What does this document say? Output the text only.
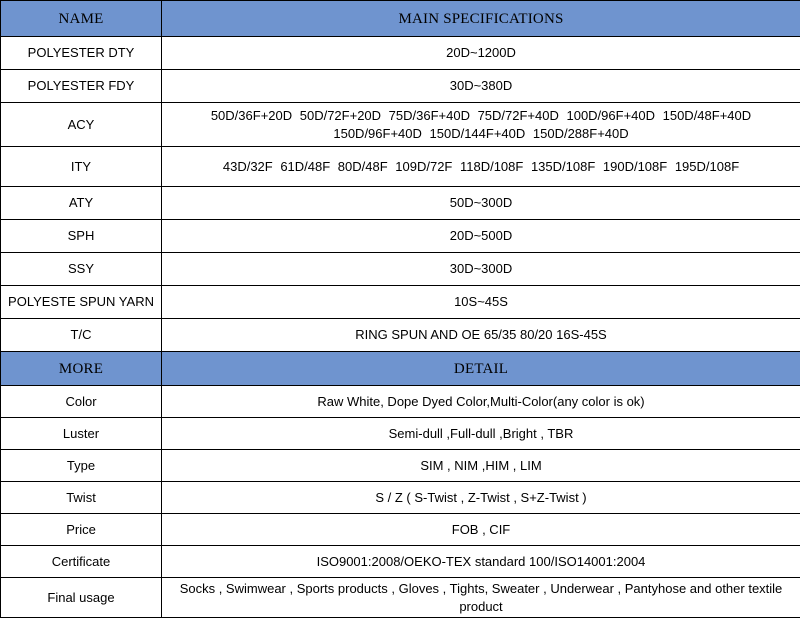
NAME	MAIN SPECIFICATIONS
POLYESTER DTY	20D~1200D
POLYESTER FDY	30D~380D
ACY	50D/36F+20D 50D/72F+20D 75D/36F+40D 75D/72F+40D 100D/96F+40D 150D/48F+40D 150D/96F+40D 150D/144F+40D 150D/288F+40D
ITY	43D/32F 61D/48F 80D/48F 109D/72F 118D/108F 135D/108F 190D/108F 195D/108F
ATY	50D~300D
SPH	20D~500D
SSY	30D~300D
POLYESTE SPUN YARN	10S~45S
T/C	RING SPUN AND OE 65/35 80/20 16S-45S
MORE	DETAIL
Color	Raw White, Dope Dyed Color,Multi-Color(any color is ok)
Luster	Semi-dull ,Full-dull ,Bright , TBR
Type	SIM , NIM ,HIM , LIM
Twist	S / Z ( S-Twist , Z-Twist , S+Z-Twist )
Price	FOB , CIF
Certificate	ISO9001:2008/OEKO-TEX standard 100/ISO14001:2004
Final usage	Socks , Swimwear , Sports products , Gloves , Tights, Sweater , Underwear , Pantyhose and other textile product
